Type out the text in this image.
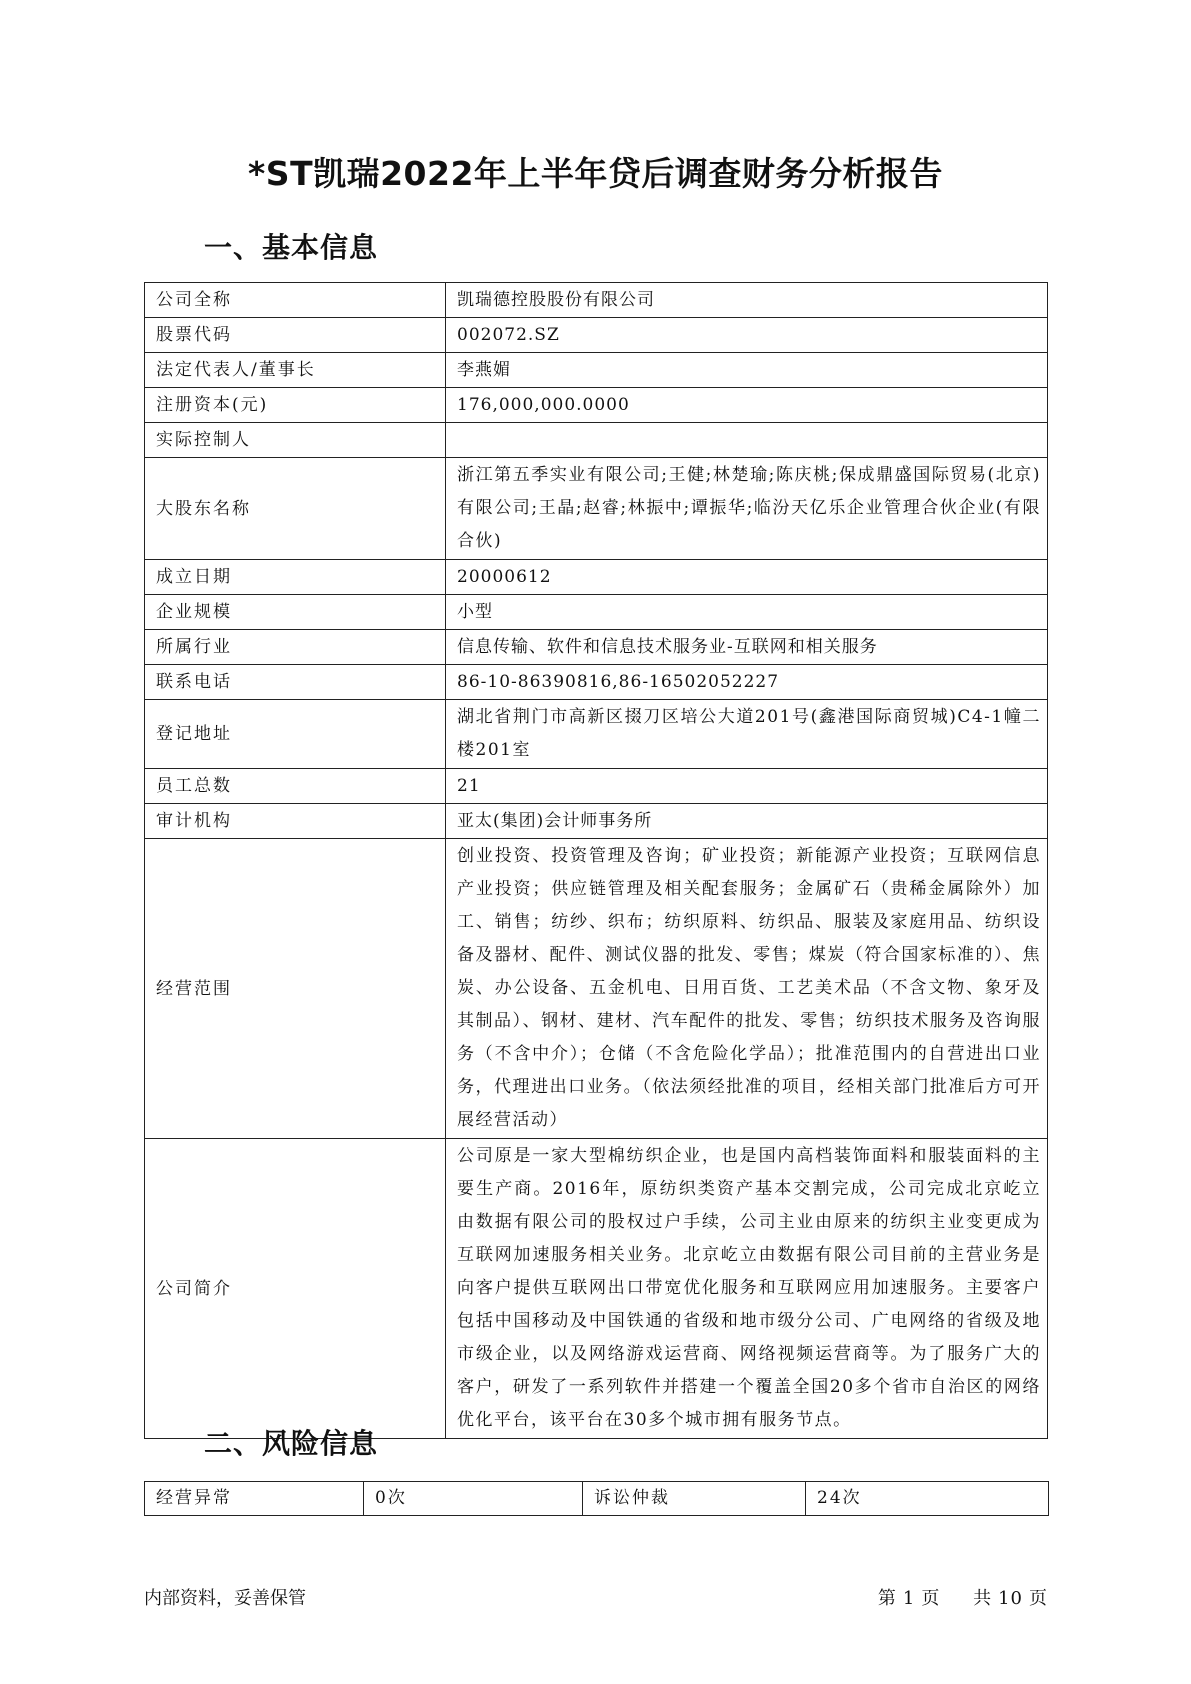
*ST凯瑞2022年上半年贷后调查财务分析报告
一、基本信息
公司全称	凯瑞德控股股份有限公司
股票代码	002072.SZ
法定代表人/董事长	李燕媚
注册资本(元)	176,000,000.0000
实际控制人	
大股东名称	浙江第五季实业有限公司;王健;林楚瑜;陈庆桃;保成鼎盛国际贸易(北京)有限公司;王晶;赵睿;林振中;谭振华;临汾天亿乐企业管理合伙企业(有限合伙)
成立日期	20000612
企业规模	小型
所属行业	信息传输、软件和信息技术服务业-互联网和相关服务
联系电话	86-10-86390816,86-16502052227
登记地址	湖北省荆门市高新区掇刀区培公大道201号(鑫港国际商贸城)C4-1幢二楼201室
员工总数	21
审计机构	亚太(集团)会计师事务所
经营范围	创业投资、投资管理及咨询；矿业投资；新能源产业投资；互联网信息产业投资；供应链管理及相关配套服务；金属矿石（贵稀金属除外）加工、销售；纺纱、织布；纺织原料、纺织品、服装及家庭用品、纺织设备及器材、配件、测试仪器的批发、零售；煤炭（符合国家标准的）、焦炭、办公设备、五金机电、日用百货、工艺美术品（不含文物、象牙及其制品）、钢材、建材、汽车配件的批发、零售；纺织技术服务及咨询服务（不含中介）；仓储（不含危险化学品）；批准范围内的自营进出口业务，代理进出口业务。（依法须经批准的项目，经相关部门批准后方可开展经营活动）
公司简介	公司原是一家大型棉纺织企业，也是国内高档装饰面料和服装面料的主要生产商。2016年，原纺织类资产基本交割完成，公司完成北京屹立由数据有限公司的股权过户手续，公司主业由原来的纺织主业变更成为互联网加速服务相关业务。北京屹立由数据有限公司目前的主营业务是向客户提供互联网出口带宽优化服务和互联网应用加速服务。主要客户包括中国移动及中国铁通的省级和地市级分公司、广电网络的省级及地市级企业，以及网络游戏运营商、网络视频运营商等。为了服务广大的客户，研发了一系列软件并搭建一个覆盖全国20多个省市自治区的网络优化平台，该平台在30多个城市拥有服务节点。
二、风险信息
经营异常	0次	诉讼仲裁	24次
内部资料，妥善保管	第 1 页 共 10 页
